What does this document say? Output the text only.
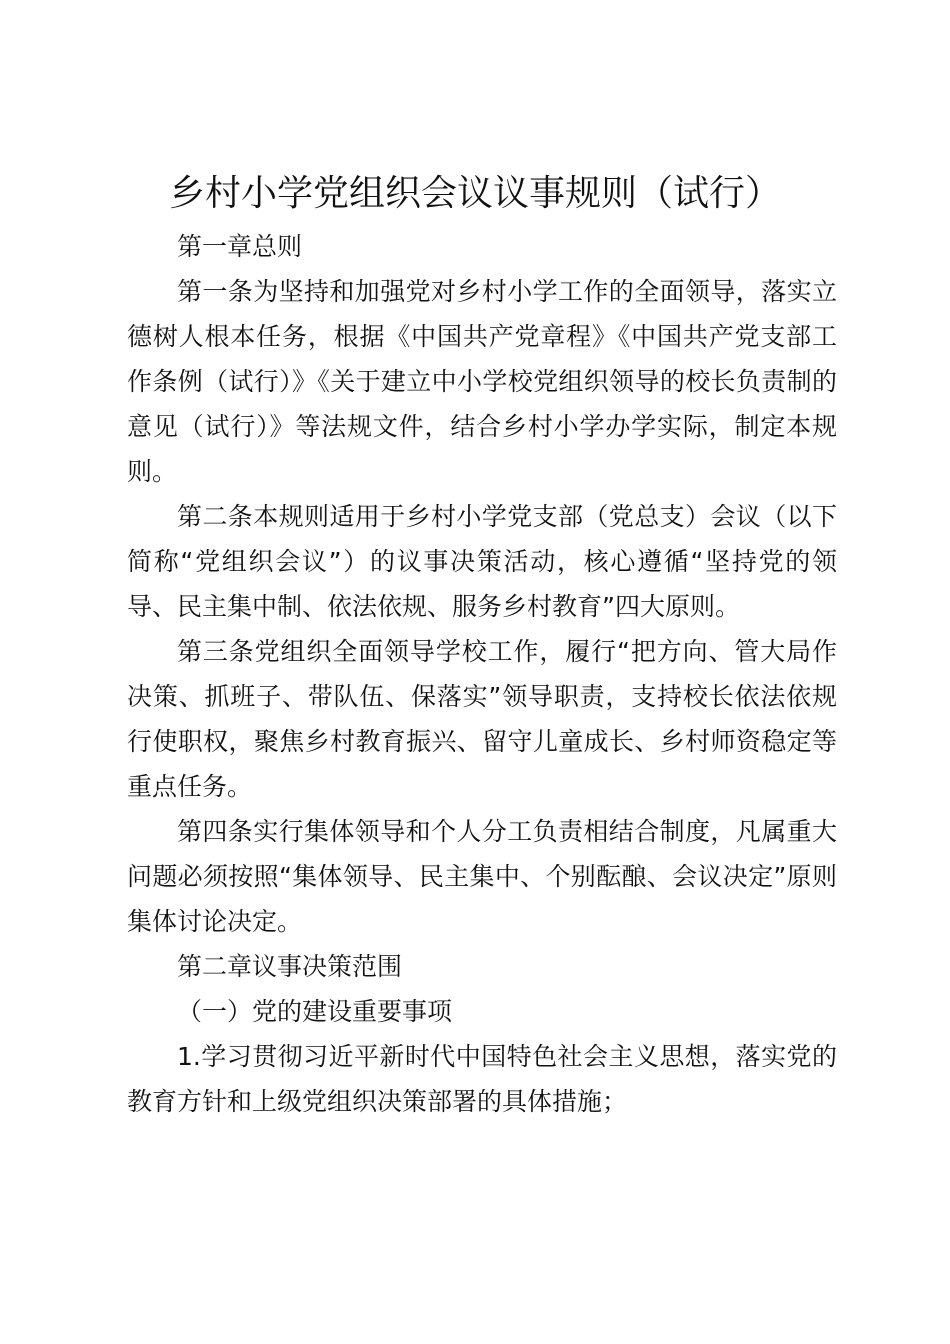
乡村小学党组织会议议事规则（试行）

第一章总则

第一条为坚持和加强党对乡村小学工作的全面领导，落实立德树人根本任务，根据《中国共产党章程》《中国共产党支部工作条例（试行）》《关于建立中小学校党组织领导的校长负责制的意见（试行）》等法规文件，结合乡村小学办学实际，制定本规则。

第二条本规则适用于乡村小学党支部（党总支）会议（以下简称“党组织会议”）的议事决策活动，核心遵循“坚持党的领导、民主集中制、依法依规、服务乡村教育”四大原则。

第三条党组织全面领导学校工作，履行“把方向、管大局作决策、抓班子、带队伍、保落实”领导职责，支持校长依法依规行使职权，聚焦乡村教育振兴、留守儿童成长、乡村师资稳定等重点任务。

第四条实行集体领导和个人分工负责相结合制度，凡属重大问题必须按照“集体领导、民主集中、个别酝酿、会议决定”原则集体讨论决定。

第二章议事决策范围

（一）党的建设重要事项

1.学习贯彻习近平新时代中国特色社会主义思想，落实党的教育方针和上级党组织决策部署的具体措施；
